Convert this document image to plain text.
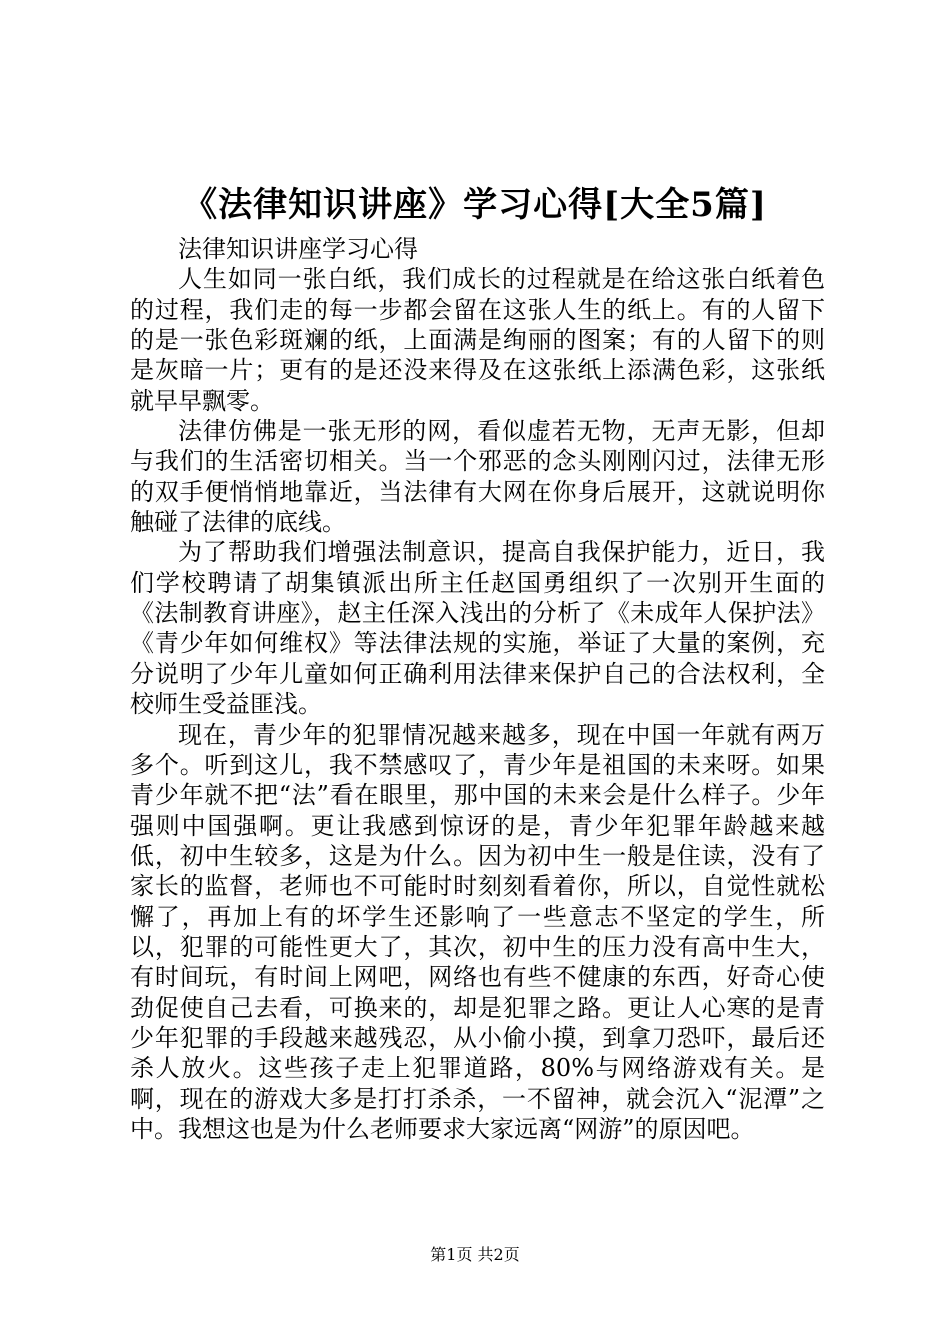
《法律知识讲座》学习心得[大全5篇]

法律知识讲座学习心得

人生如同一张白纸，我们成长的过程就是在给这张白纸着色的过程，我们走的每一步都会留在这张人生的纸上。有的人留下的是一张色彩斑斓的纸，上面满是绚丽的图案；有的人留下的则是灰暗一片；更有的是还没来得及在这张纸上添满色彩，这张纸就早早飘零。

法律仿佛是一张无形的网，看似虚若无物，无声无影，但却与我们的生活密切相关。当一个邪恶的念头刚刚闪过，法律无形的双手便悄悄地靠近，当法律有大网在你身后展开，这就说明你触碰了法律的底线。

为了帮助我们增强法制意识，提高自我保护能力，近日，我们学校聘请了胡集镇派出所主任赵国勇组织了一次别开生面的《法制教育讲座》，赵主任深入浅出的分析了《未成年人保护法》《青少年如何维权》等法律法规的实施，举证了大量的案例，充分说明了少年儿童如何正确利用法律来保护自己的合法权利，全校师生受益匪浅。

现在，青少年的犯罪情况越来越多，现在中国一年就有两万多个。听到这儿，我不禁感叹了，青少年是祖国的未来呀。如果青少年就不把“法”看在眼里，那中国的未来会是什么样子。少年强则中国强啊。更让我感到惊讶的是，青少年犯罪年龄越来越低，初中生较多，这是为什么。因为初中生一般是住读，没有了家长的监督，老师也不可能时时刻刻看着你，所以，自觉性就松懈了，再加上有的坏学生还影响了一些意志不坚定的学生，所以，犯罪的可能性更大了，其次，初中生的压力没有高中生大，有时间玩，有时间上网吧，网络也有些不健康的东西，好奇心使劲促使自己去看，可换来的，却是犯罪之路。更让人心寒的是青少年犯罪的手段越来越残忍，从小偷小摸，到拿刀恐吓，最后还杀人放火。这些孩子走上犯罪道路，80%与网络游戏有关。是啊，现在的游戏大多是打打杀杀，一不留神，就会沉入“泥潭”之中。我想这也是为什么老师要求大家远离“网游”的原因吧。

第1页 共2页
